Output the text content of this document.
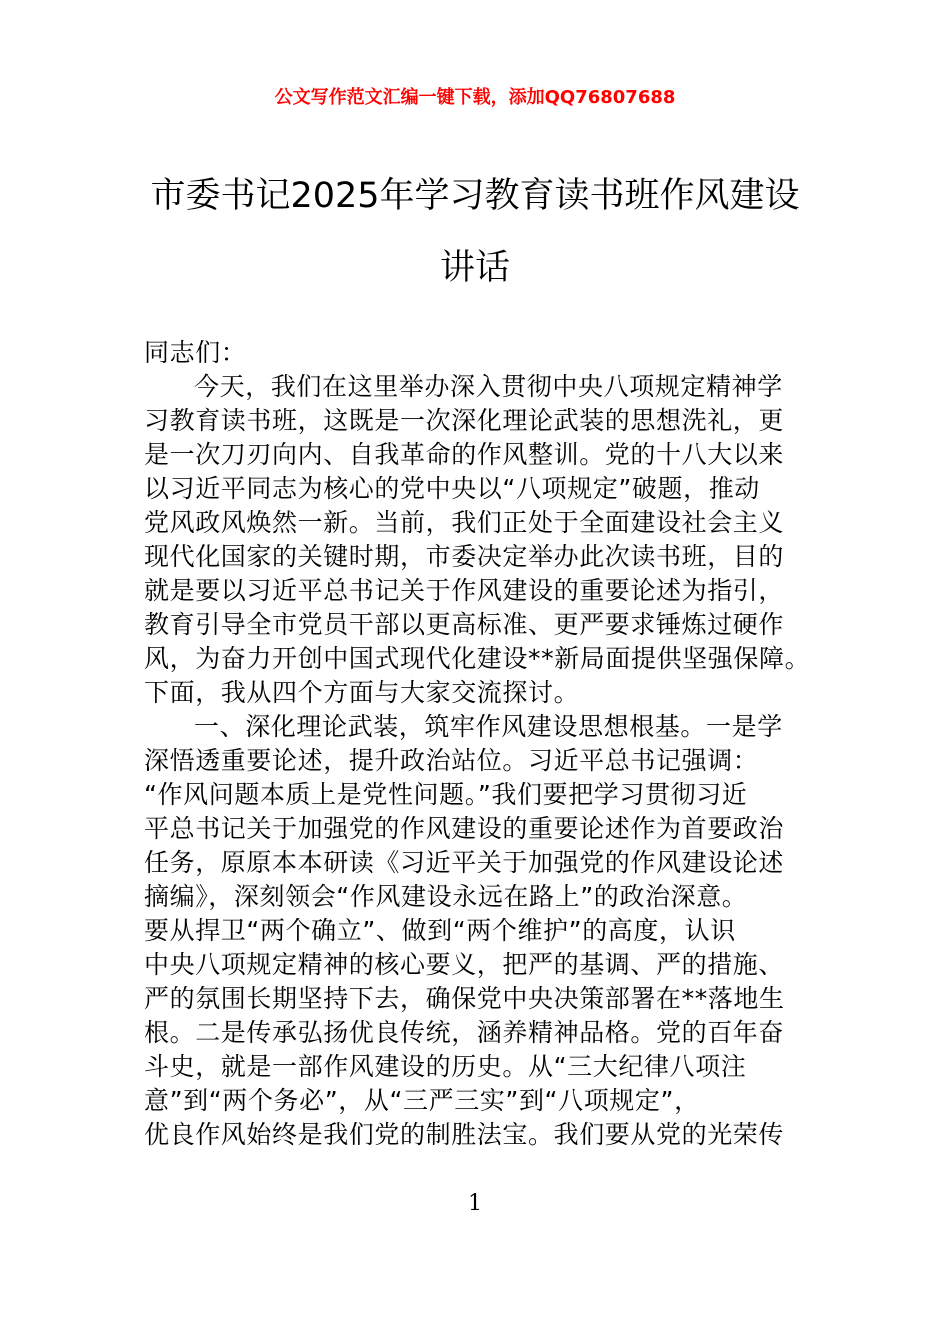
公文写作范文汇编一键下载，添加QQ76807688
市委书记2025年学习教育读书班作风建设
讲话
同志们：
今天，我们在这里举办深入贯彻中央八项规定精神学
习教育读书班，这既是一次深化理论武装的思想洗礼，更
是一次刀刃向内、自我革命的作风整训。党的十八大以来
以习近平同志为核心的党中央以“八项规定”破题，推动
党风政风焕然一新。当前，我们正处于全面建设社会主义
现代化国家的关键时期，市委决定举办此次读书班，目的
就是要以习近平总书记关于作风建设的重要论述为指引，
教育引导全市党员干部以更高标准、更严要求锤炼过硬作
风，为奋力开创中国式现代化建设**新局面提供坚强保障。
下面，我从四个方面与大家交流探讨。
一、深化理论武装，筑牢作风建设思想根基。一是学
深悟透重要论述，提升政治站位。习近平总书记强调：
“作风问题本质上是党性问题。”我们要把学习贯彻习近
平总书记关于加强党的作风建设的重要论述作为首要政治
任务，原原本本研读《习近平关于加强党的作风建设论述
摘编》，深刻领会“作风建设永远在路上”的政治深意。
要从捍卫“两个确立”、做到“两个维护”的高度，认识
中央八项规定精神的核心要义，把严的基调、严的措施、
严的氛围长期坚持下去，确保党中央决策部署在**落地生
根。二是传承弘扬优良传统，涵养精神品格。党的百年奋
斗史，就是一部作风建设的历史。从“三大纪律八项注
意”到“两个务必”，从“三严三实”到“八项规定”，
优良作风始终是我们党的制胜法宝。我们要从党的光荣传
1
